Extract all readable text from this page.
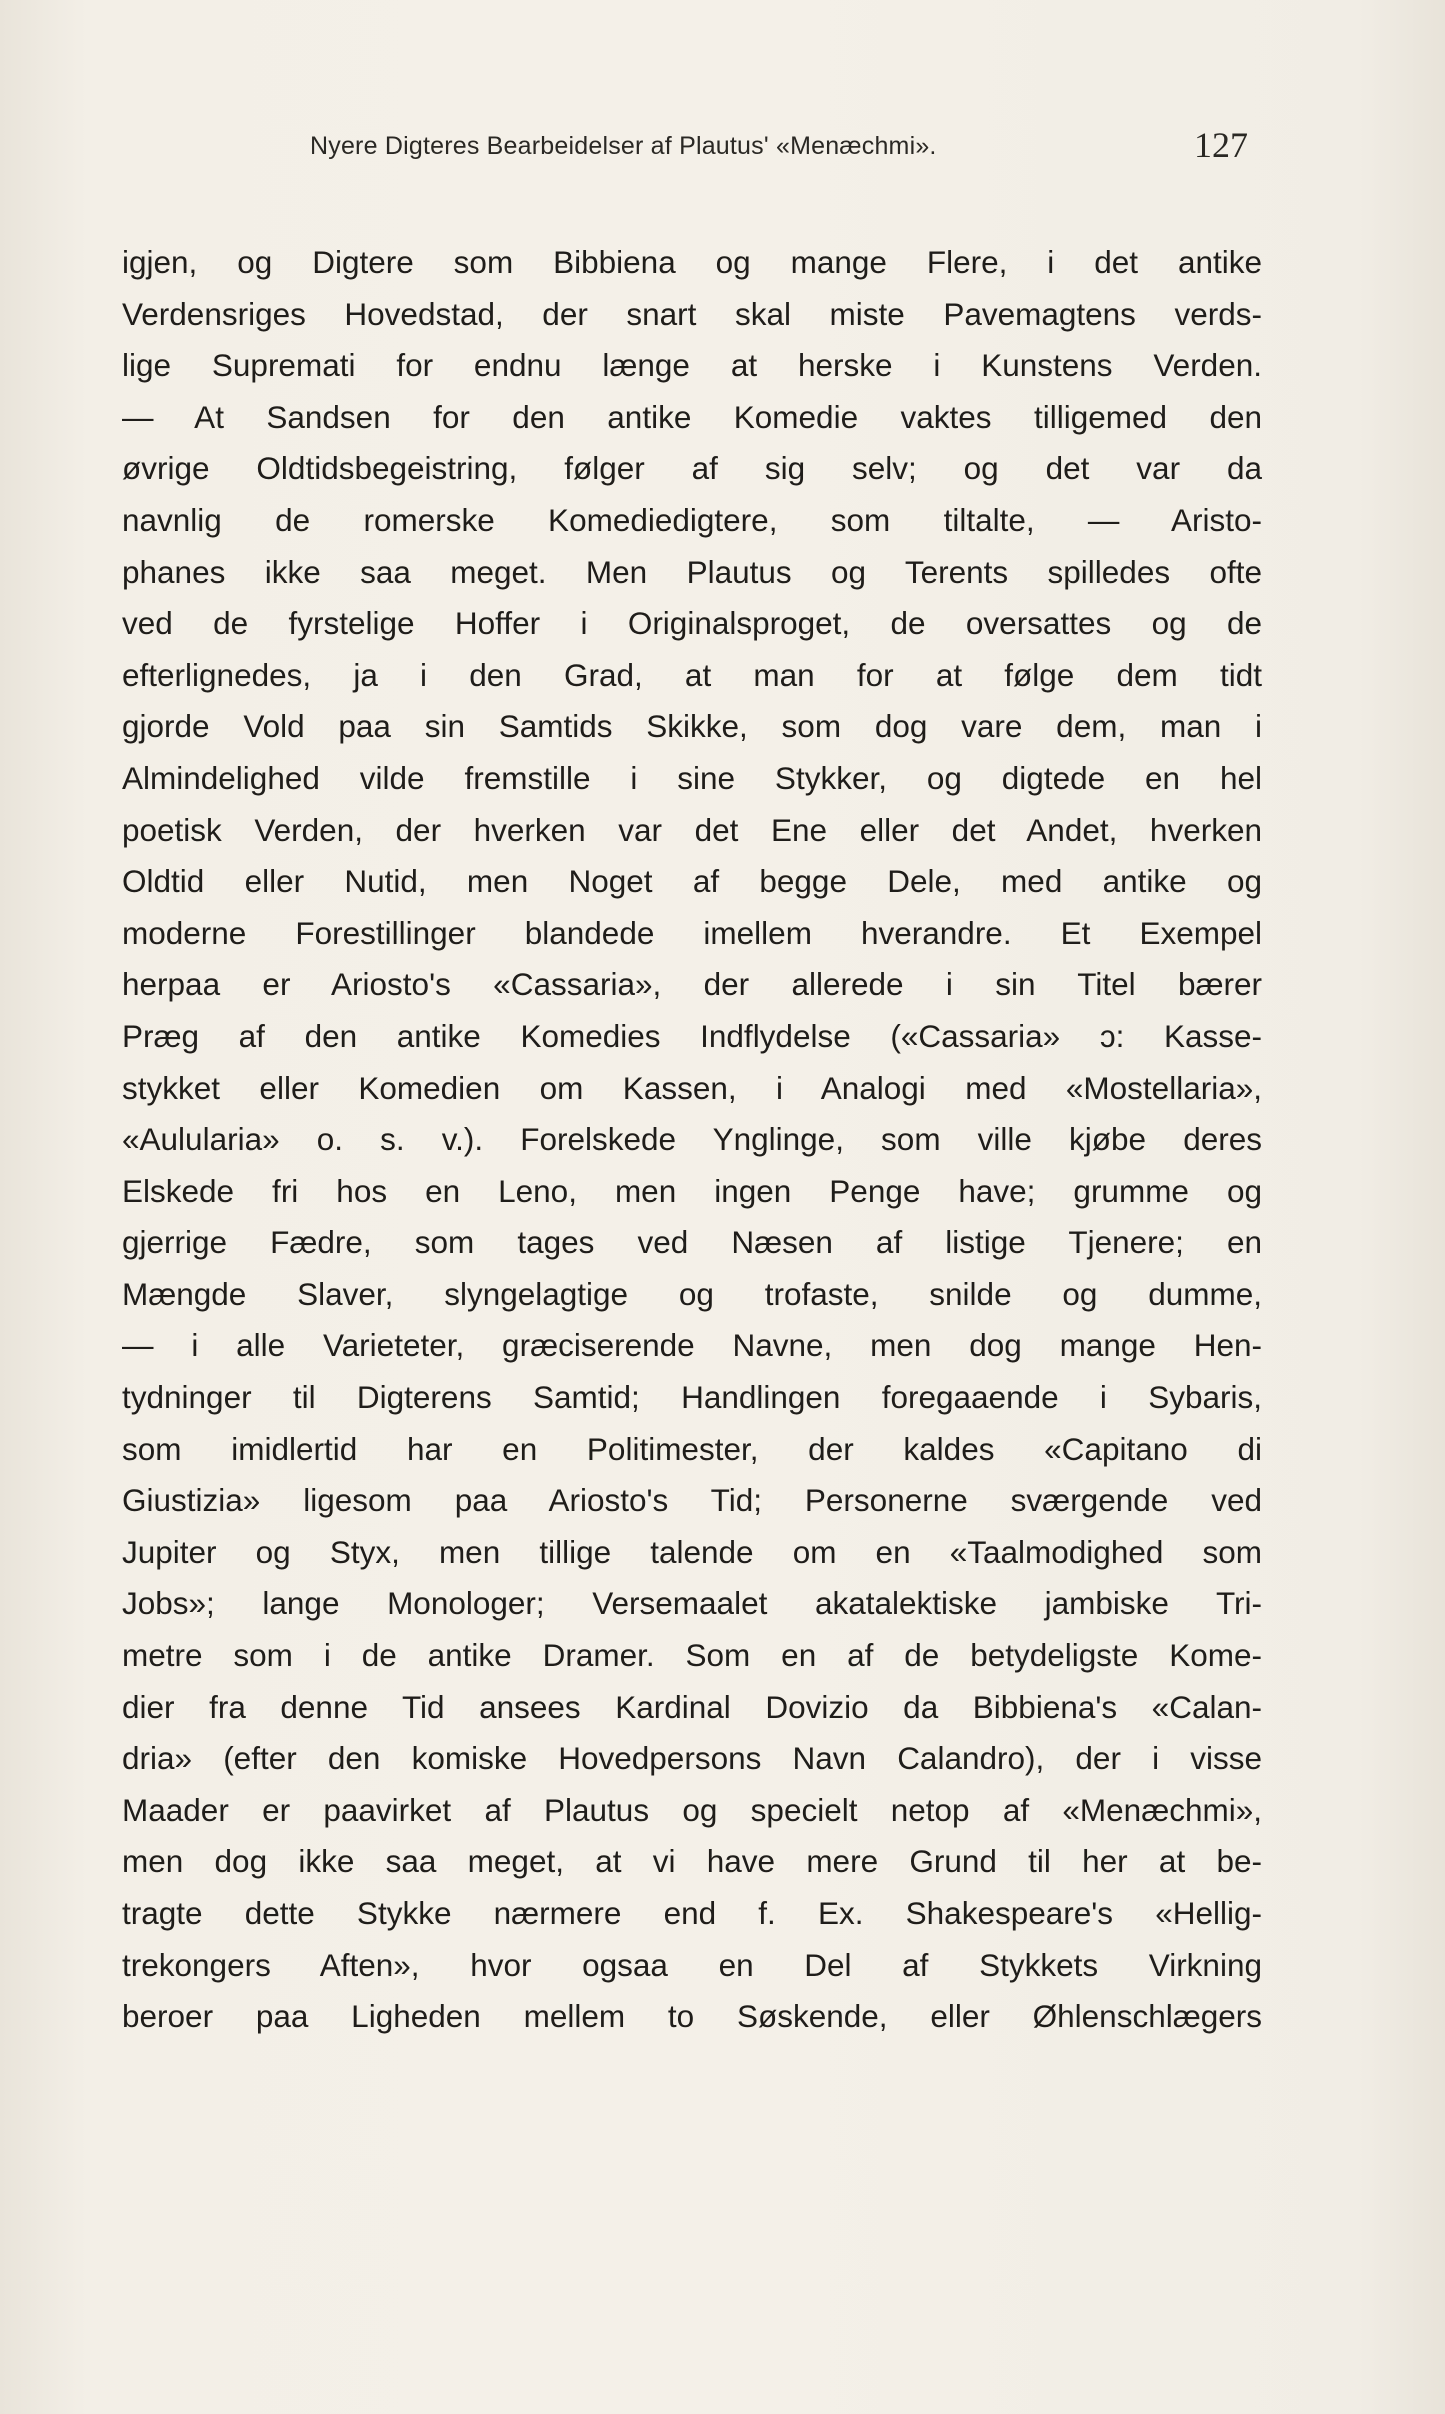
Nyere Digteres Bearbeidelser af Plautus' «Menæchmi».	127
igjen, og Digtere som Bibbiena og mange Flere, i det antike
Verdensriges Hovedstad, der snart skal miste Pavemagtens verds-
lige Supremati for endnu længe at herske i Kunstens Verden.
— At Sandsen for den antike Komedie vaktes tilligemed den
øvrige Oldtidsbegeistring, følger af sig selv; og det var da
navnlig de romerske Komediedigtere, som tiltalte, — Aristo-
phanes ikke saa meget. Men Plautus og Terents spilledes ofte
ved de fyrstelige Hoffer i Originalsproget, de oversattes og de
efterlignedes, ja i den Grad, at man for at følge dem tidt
gjorde Vold paa sin Samtids Skikke, som dog vare dem, man i
Almindelighed vilde fremstille i sine Stykker, og digtede en hel
poetisk Verden, der hverken var det Ene eller det Andet, hverken
Oldtid eller Nutid, men Noget af begge Dele, med antike og
moderne Forestillinger blandede imellem hverandre. Et Exempel
herpaa er Ariosto's «Cassaria», der allerede i sin Titel bærer
Præg af den antike Komedies Indflydelse («Cassaria» ɔ: Kasse-
stykket eller Komedien om Kassen, i Analogi med «Mostellaria»,
«Aulularia» o. s. v.). Forelskede Ynglinge, som ville kjøbe deres
Elskede fri hos en Leno, men ingen Penge have; grumme og
gjerrige Fædre, som tages ved Næsen af listige Tjenere; en
Mængde Slaver, slyngelagtige og trofaste, snilde og dumme,
— i alle Varieteter, græciserende Navne, men dog mange Hen-
tydninger til Digterens Samtid; Handlingen foregaaende i Sybaris,
som imidlertid har en Politimester, der kaldes «Capitano di
Giustizia» ligesom paa Ariosto's Tid; Personerne sværgende ved
Jupiter og Styx, men tillige talende om en «Taalmodighed som
Jobs»; lange Monologer; Versemaalet akatalektiske jambiske Tri-
metre som i de antike Dramer. Som en af de betydeligste Kome-
dier fra denne Tid ansees Kardinal Dovizio da Bibbiena's «Calan-
dria» (efter den komiske Hovedpersons Navn Calandro), der i visse
Maader er paavirket af Plautus og specielt netop af «Menæchmi»,
men dog ikke saa meget, at vi have mere Grund til her at be-
tragte dette Stykke nærmere end f. Ex. Shakespeare's «Hellig-
trekongers Aften», hvor ogsaa en Del af Stykkets Virkning
beroer paa Ligheden mellem to Søskende, eller Øhlenschlægers
